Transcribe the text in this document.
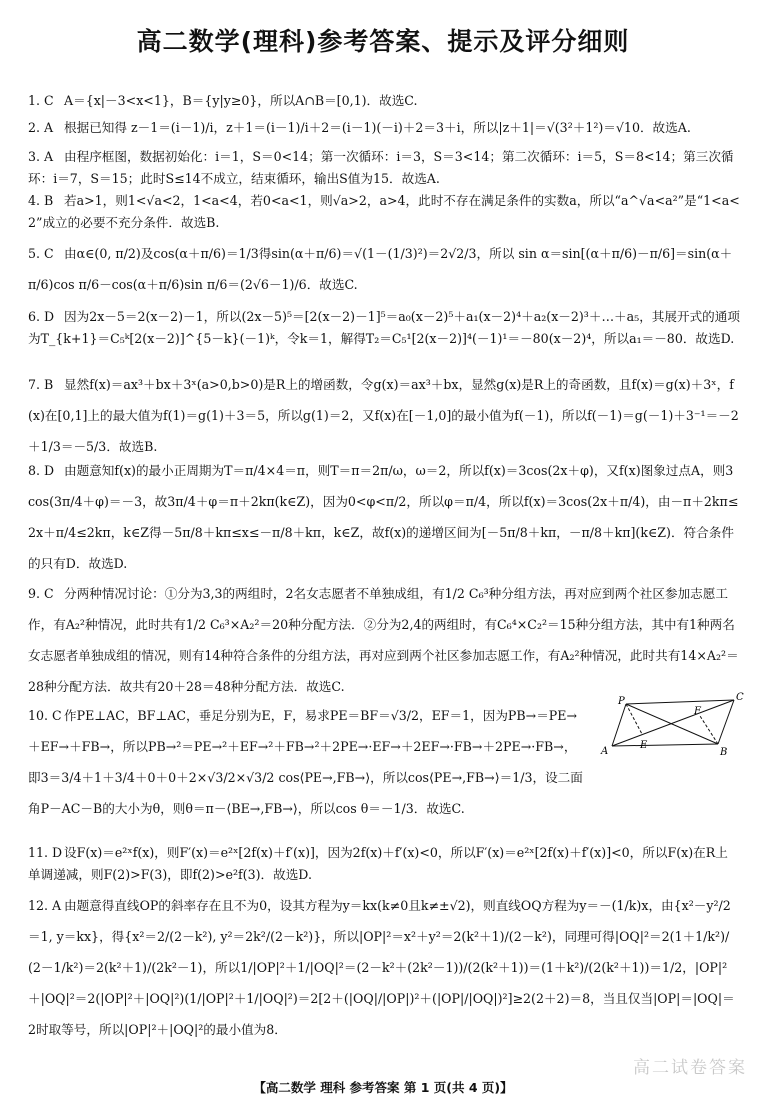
高二数学(理科)参考答案、提示及评分细则
1. C A＝{x|－3<x<1}，B＝{y|y≥0}，所以A∩B＝[0,1)．故选C.
2. A 根据已知得 z－1＝(i－1)/i，z＋1＝(i－1)/i＋2＝(i－1)(－i)＋2＝3＋i，所以|z＋1|＝√(3²＋1²)＝√10．故选A.
3. A 由程序框图，数据初始化：i＝1，S＝0<14；第一次循环：i＝3，S＝3<14；第二次循环：i＝5，S＝8<14；第三次循环：i＝7，S＝15；此时S≤14不成立，结束循环，输出S值为15．故选A.
4. B 若a>1，则1<√a<2，1<a<4，若0<a<1，则√a>2，a>4，此时不存在满足条件的实数a，所以“a^√a<a²”是“1<a<2”成立的必要不充分条件．故选B.
5. C 由α∈(0, π/2)及cos(α＋π/6)＝1/3得sin(α＋π/6)＝√(1－(1/3)²)＝2√2/3，所以 sin α＝sin[(α＋π/6)－π/6]＝sin(α＋π/6)cos π/6－cos(α＋π/6)sin π/6＝(2√6－1)/6．故选C.
6. D 因为2x－5＝2(x－2)－1，所以(2x－5)⁵＝[2(x－2)－1]⁵＝a₀(x－2)⁵＋a₁(x－2)⁴＋a₂(x－2)³＋…＋a₅，其展开式的通项为T_{k+1}＝C₅ᵏ[2(x－2)]^{5－k}(－1)ᵏ，令k＝1，解得T₂＝C₅¹[2(x－2)]⁴(－1)¹＝－80(x－2)⁴，所以a₁＝－80．故选D.
7. B 显然f(x)＝ax³＋bx＋3ˣ(a>0,b>0)是R上的增函数，令g(x)＝ax³＋bx，显然g(x)是R上的奇函数，且f(x)＝g(x)＋3ˣ，f(x)在[0,1]上的最大值为f(1)＝g(1)＋3＝5，所以g(1)＝2，又f(x)在[－1,0]的最小值为f(－1)，所以f(－1)＝g(－1)＋3⁻¹＝－2＋1/3＝－5/3．故选B.
8. D 由题意知f(x)的最小正周期为T＝π/4×4＝π，则T＝π＝2π/ω，ω＝2，所以f(x)＝3cos(2x＋φ)，又f(x)图象过点A，则3cos(3π/4＋φ)＝－3，故3π/4＋φ＝π＋2kπ(k∈Z)，因为0<φ<π/2，所以φ＝π/4，所以f(x)＝3cos(2x＋π/4)，由－π＋2kπ≤2x＋π/4≤2kπ，k∈Z得－5π/8＋kπ≤x≤－π/8＋kπ，k∈Z，故f(x)的递增区间为[－5π/8＋kπ，－π/8＋kπ](k∈Z)．符合条件的只有D．故选D.
9. C 分两种情况讨论：①分为3,3的两组时，2名女志愿者不单独成组，有1/2 C₆³种分组方法，再对应到两个社区参加志愿工作，有A₂²种情况，此时共有1/2 C₆³×A₂²＝20种分配方法．②分为2,4的两组时，有C₆⁴×C₂²＝15种分组方法，其中有1种两名女志愿者单独成组的情况，则有14种符合条件的分组方法，再对应到两个社区参加志愿工作，有A₂²种情况，此时共有14×A₂²＝28种分配方法．故共有20＋28＝48种分配方法．故选C.
10. C 作PE⊥AC，BF⊥AC，垂足分别为E，F，易求PE＝BF＝√3/2，EF＝1，因为PB→＝PE→＋EF→＋FB→，所以PB→²＝PE→²＋EF→²＋FB→²＋2PE→·EF→＋2EF→·FB→＋2PE→·FB→，即3＝3/4＋1＋3/4＋0＋0＋2×√3/2×√3/2 cos⟨PE→,FB→⟩，所以cos⟨PE→,FB→⟩＝1/3，设二面角P－AC－B的大小为θ，则θ＝π－⟨BE→,FB→⟩，所以cos θ＝－1/3．故选C.
P	C
F
E
A	B
11. D 设F(x)＝e²ˣf(x)，则F′(x)＝e²ˣ[2f(x)＋f′(x)]，因为2f(x)＋f′(x)<0，所以F′(x)＝e²ˣ[2f(x)＋f′(x)]<0，所以F(x)在R上单调递减，则F(2)>F(3)，即f(2)>e²f(3)．故选D.
12. A 由题意得直线OP的斜率存在且不为0，设其方程为y＝kx(k≠0且k≠±√2)，则直线OQ方程为y＝－(1/k)x，由{x²－y²/2＝1, y＝kx}，得{x²＝2/(2－k²), y²＝2k²/(2－k²)}，所以|OP|²＝x²＋y²＝2(k²＋1)/(2－k²)，同理可得|OQ|²＝2(1＋1/k²)/(2－1/k²)＝2(k²＋1)/(2k²－1)，所以1/|OP|²＋1/|OQ|²＝(2－k²＋(2k²－1))/(2(k²＋1))＝(1＋k²)/(2(k²＋1))＝1/2，|OP|²＋|OQ|²＝2(|OP|²＋|OQ|²)(1/|OP|²＋1/|OQ|²)＝2[2＋(|OQ|/|OP|)²＋(|OP|/|OQ|)²]≥2(2＋2)＝8，当且仅当|OP|＝|OQ|＝2时取等号，所以|OP|²＋|OQ|²的最小值为8．
高二试卷答案
【高二数学 理科 参考答案 第 1 页(共 4 页)】
